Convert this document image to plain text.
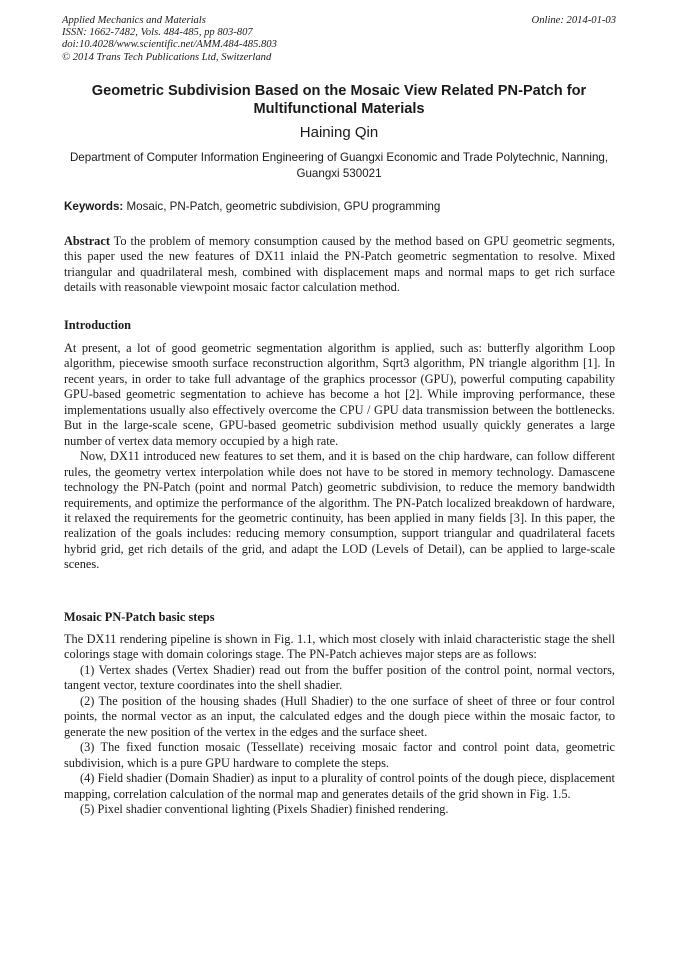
Applied Mechanics and Materials
ISSN: 1662-7482, Vols. 484-485, pp 803-807
doi:10.4028/www.scientific.net/AMM.484-485.803
© 2014 Trans Tech Publications Ltd, Switzerland
Online: 2014-01-03
Geometric Subdivision Based on the Mosaic View Related PN-Patch for Multifunctional Materials
Haining Qin
Department of Computer Information Engineering of Guangxi Economic and Trade Polytechnic, Nanning, Guangxi 530021
Keywords: Mosaic, PN-Patch, geometric subdivision, GPU programming

Abstract To the problem of memory consumption caused by the method based on GPU geometric segments, this paper used the new features of DX11 inlaid the PN-Patch geometric segmentation to resolve. Mixed triangular and quadrilateral mesh, combined with displacement maps and normal maps to get rich surface details with reasonable viewpoint mosaic factor calculation method.

Introduction

At present, a lot of good geometric segmentation algorithm is applied, such as: butterfly algorithm Loop algorithm, piecewise smooth surface reconstruction algorithm, Sqrt3 algorithm, PN triangle algorithm [1]. In recent years, in order to take full advantage of the graphics processor (GPU), powerful computing capability GPU-based geometric segmentation to achieve has become a hot [2]. While improving performance, these implementations usually also effectively overcome the CPU / GPU data transmission between the bottlenecks. But in the large-scale scene, GPU-based geometric subdivision method usually quickly generates a large number of vertex data memory occupied by a high rate.

Now, DX11 introduced new features to set them, and it is based on the chip hardware, can follow different rules, the geometry vertex interpolation while does not have to be stored in memory technology. Damascene technology the PN-Patch (point and normal Patch) geometric subdivision, to reduce the memory bandwidth requirements, and optimize the performance of the algorithm. The PN-Patch localized breakdown of hardware, it relaxed the requirements for the geometric continuity, has been applied in many fields [3]. In this paper, the realization of the goals includes: reducing memory consumption, support triangular and quadrilateral facets hybrid grid, get rich details of the grid, and adapt the LOD (Levels of Detail), can be applied to large-scale scenes.

Mosaic PN-Patch basic steps

The DX11 rendering pipeline is shown in Fig. 1.1, which most closely with inlaid characteristic stage the shell colorings stage with domain colorings stage. The PN-Patch achieves major steps are as follows:

(1) Vertex shades (Vertex Shadier) read out from the buffer position of the control point, normal vectors, tangent vector, texture coordinates into the shell shadier.

(2) The position of the housing shades (Hull Shadier) to the one surface of sheet of three or four control points, the normal vector as an input, the calculated edges and the dough piece within the mosaic factor, to generate the new position of the vertex in the edges and the surface sheet.

(3) The fixed function mosaic (Tessellate) receiving mosaic factor and control point data, geometric subdivision, which is a pure GPU hardware to complete the steps.

(4) Field shadier (Domain Shadier) as input to a plurality of control points of the dough piece, displacement mapping, correlation calculation of the normal map and generates details of the grid shown in Fig. 1.5.

(5) Pixel shadier conventional lighting (Pixels Shadier) finished rendering.
